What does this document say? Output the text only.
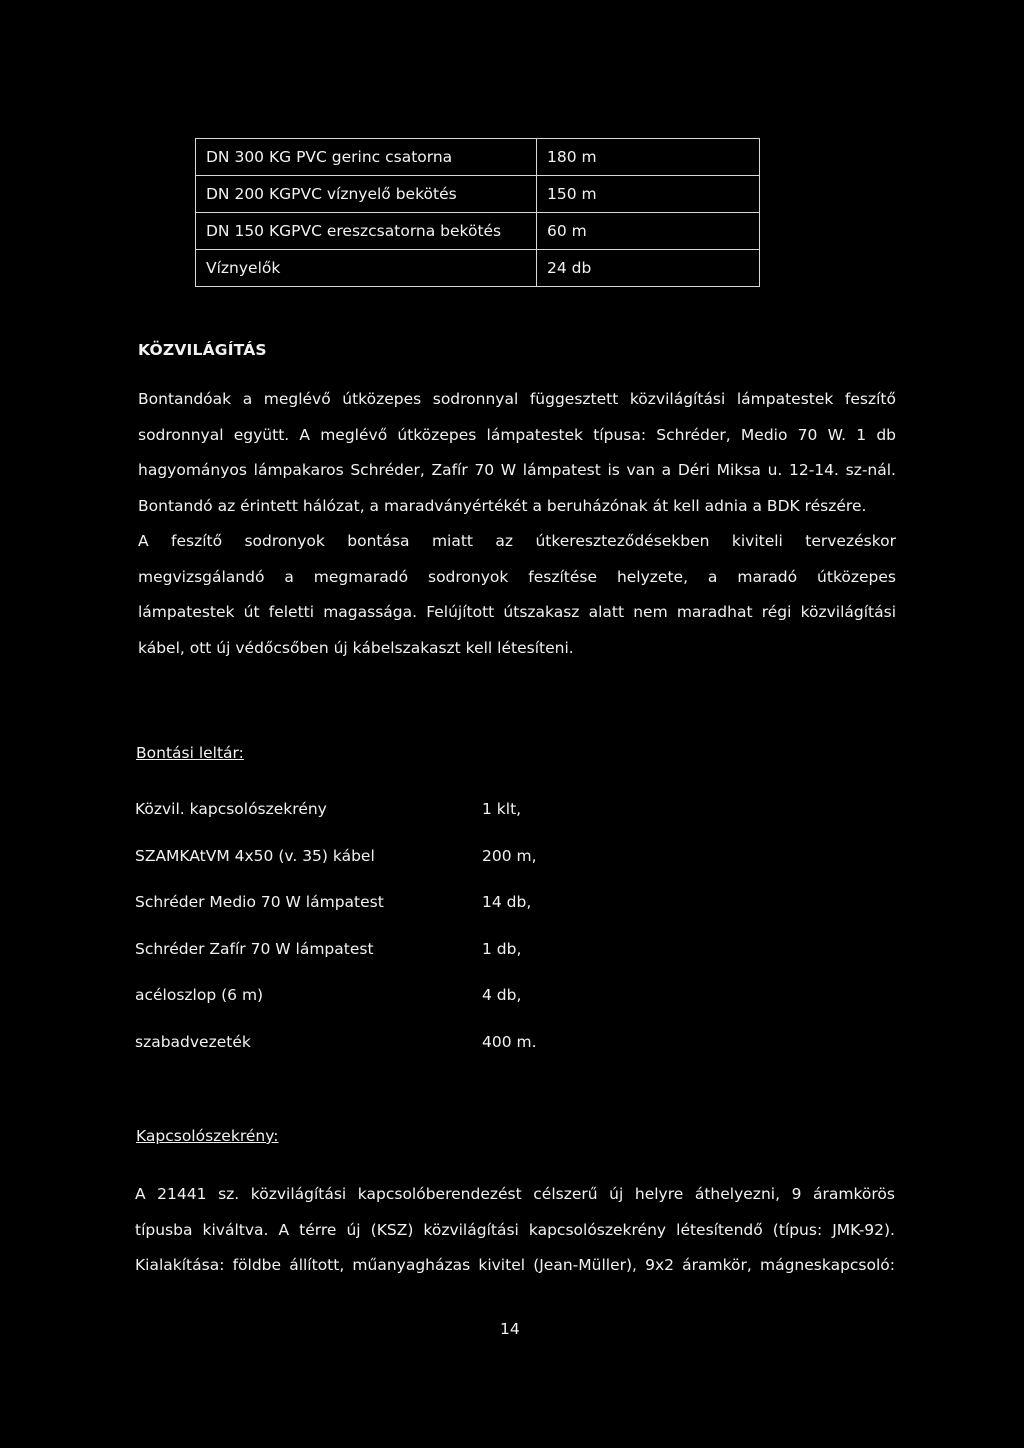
DN 300 KG PVC gerinc csatorna	180 m
DN 200 KGPVC víznyelő bekötés	150 m
DN 150 KGPVC ereszcsatorna bekötés	60 m
Víznyelők	24 db
KÖZVILÁGÍTÁS
Bontandóak a meglévő útközepes sodronnyal függesztett közvilágítási lámpatestek feszítő
sodronnyal együtt. A meglévő útközepes lámpatestek típusa: Schréder, Medio 70 W. 1 db
hagyományos lámpakaros Schréder, Zafír 70 W lámpatest is van a Déri Miksa u. 12-14. sz-nál.
Bontandó az érintett hálózat, a maradványértékét a beruházónak át kell adnia a BDK részére.
A feszítő sodronyok bontása miatt az útkereszteződésekben kiviteli tervezéskor
megvizsgálandó a megmaradó sodronyok feszítése helyzete, a maradó útközepes
lámpatestek út feletti magassága. Felújított útszakasz alatt nem maradhat régi közvilágítási
kábel, ott új védőcsőben új kábelszakaszt kell létesíteni.
Bontási leltár:
Közvil. kapcsolószekrény	1 klt,
SZAMKAtVM 4x50 (v. 35) kábel	200 m,
Schréder Medio 70 W lámpatest	14 db,
Schréder Zafír 70 W lámpatest	1 db,
acéloszlop (6 m)	4 db,
szabadvezeték	400 m.
Kapcsolószekrény:
A 21441 sz. közvilágítási kapcsolóberendezést célszerű új helyre áthelyezni, 9 áramkörös
típusba kiváltva. A térre új (KSZ) közvilágítási kapcsolószekrény létesítendő (típus: JMK-92).
Kialakítása: földbe állított, műanyagházas kivitel (Jean-Müller), 9x2 áramkör, mágneskapcsoló:
14
